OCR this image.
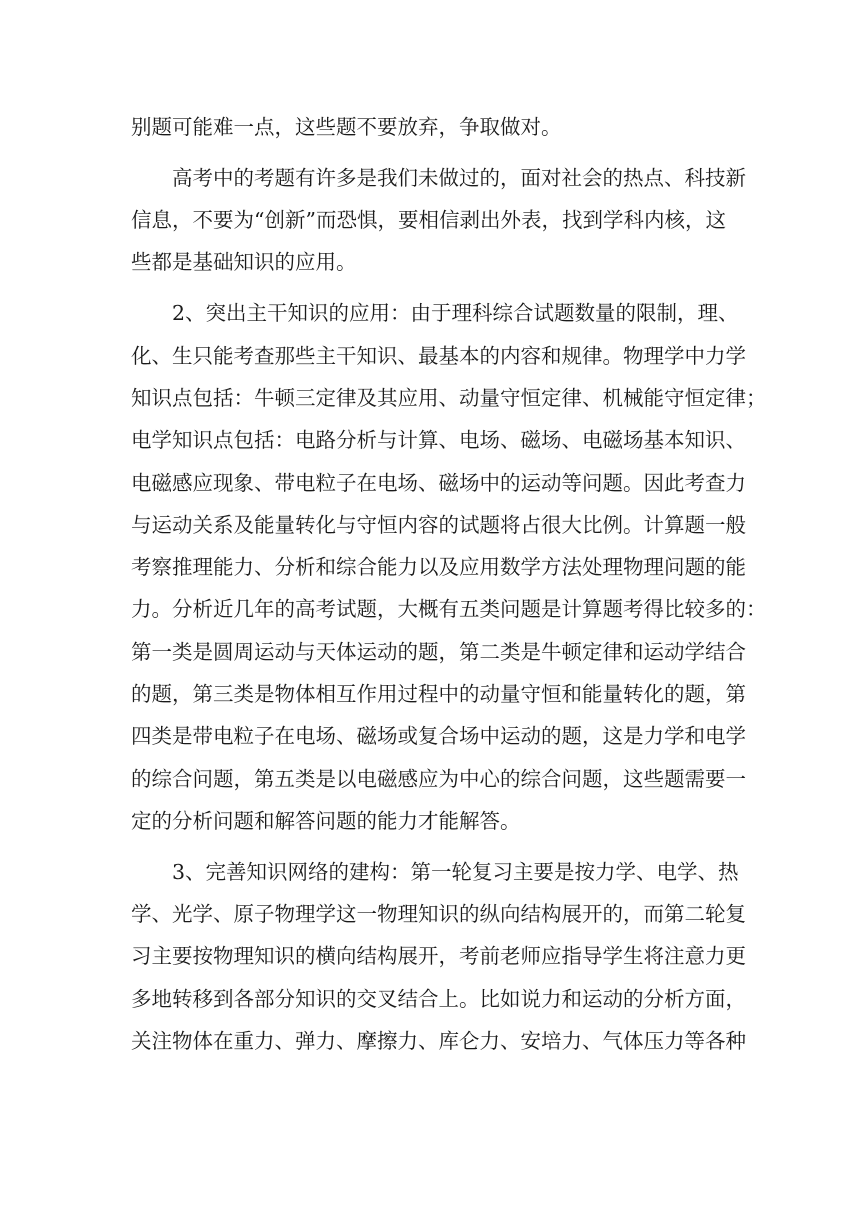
别题可能难一点，这些题不要放弃，争取做对。
高考中的考题有许多是我们未做过的，面对社会的热点、科技新
信息，不要为“创新”而恐惧，要相信剥出外表，找到学科内核，这
些都是基础知识的应用。
2、突出主干知识的应用：由于理科综合试题数量的限制，理、
化、生只能考查那些主干知识、最基本的内容和规律。物理学中力学
知识点包括：牛顿三定律及其应用、动量守恒定律、机械能守恒定律；
电学知识点包括：电路分析与计算、电场、磁场、电磁场基本知识、
电磁感应现象、带电粒子在电场、磁场中的运动等问题。因此考查力
与运动关系及能量转化与守恒内容的试题将占很大比例。计算题一般
考察推理能力、分析和综合能力以及应用数学方法处理物理问题的能
力。分析近几年的高考试题，大概有五类问题是计算题考得比较多的：
第一类是圆周运动与天体运动的题，第二类是牛顿定律和运动学结合
的题，第三类是物体相互作用过程中的动量守恒和能量转化的题，第
四类是带电粒子在电场、磁场或复合场中运动的题，这是力学和电学
的综合问题，第五类是以电磁感应为中心的综合问题，这些题需要一
定的分析问题和解答问题的能力才能解答。
3、完善知识网络的建构：第一轮复习主要是按力学、电学、热
学、光学、原子物理学这一物理知识的纵向结构展开的，而第二轮复
习主要按物理知识的横向结构展开，考前老师应指导学生将注意力更
多地转移到各部分知识的交叉结合上。比如说力和运动的分析方面，
关注物体在重力、弹力、摩擦力、库仑力、安培力、气体压力等各种
